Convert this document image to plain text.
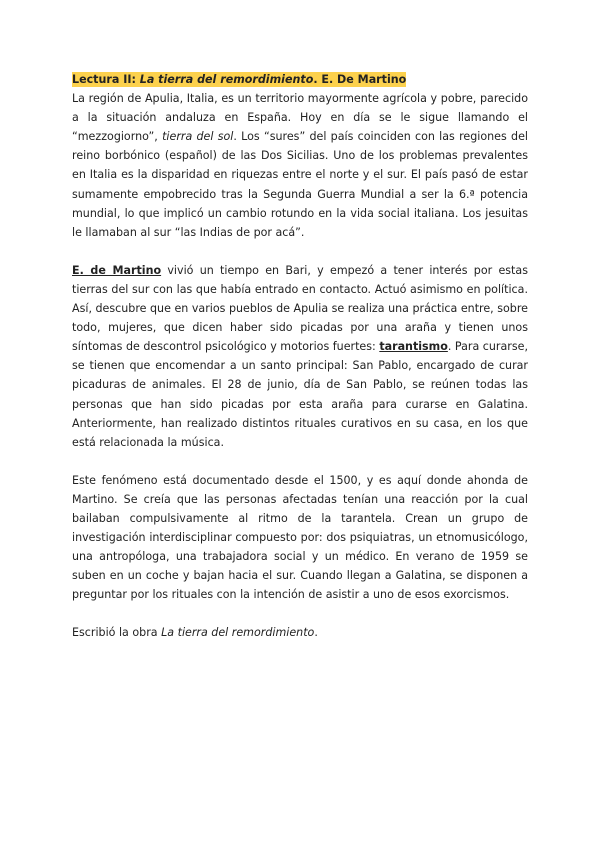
Lectura II: La tierra del remordimiento. E. De Martino

La región de Apulia, Italia, es un territorio mayormente agrícola y pobre, parecido a la situación andaluza en España. Hoy en día se le sigue llamando el “mezzogiorno”, tierra del sol. Los “sures” del país coinciden con las regiones del reino borbónico (español) de las Dos Sicilias. Uno de los problemas prevalentes en Italia es la disparidad en riquezas entre el norte y el sur. El país pasó de estar sumamente empobrecido tras la Segunda Guerra Mundial a ser la 6.ª potencia mundial, lo que implicó un cambio rotundo en la vida social italiana. Los jesuitas le llamaban al sur “las Indias de por acá”.

E. de Martino vivió un tiempo en Bari, y empezó a tener interés por estas tierras del sur con las que había entrado en contacto. Actuó asimismo en política. Así, descubre que en varios pueblos de Apulia se realiza una práctica entre, sobre todo, mujeres, que dicen haber sido picadas por una araña y tienen unos síntomas de descontrol psicológico y motorios fuertes: tarantismo. Para curarse, se tienen que encomendar a un santo principal: San Pablo, encargado de curar picaduras de animales. El 28 de junio, día de San Pablo, se reúnen todas las personas que han sido picadas por esta araña para curarse en Galatina. Anteriormente, han realizado distintos rituales curativos en su casa, en los que está relacionada la música.

Este fenómeno está documentado desde el 1500, y es aquí donde ahonda de Martino. Se creía que las personas afectadas tenían una reacción por la cual bailaban compulsivamente al ritmo de la tarantela. Crean un grupo de investigación interdisciplinar compuesto por: dos psiquiatras, un etnomusicólogo, una antropóloga, una trabajadora social y un médico. En verano de 1959 se suben en un coche y bajan hacia el sur. Cuando llegan a Galatina, se disponen a preguntar por los rituales con la intención de asistir a uno de esos exorcismos.

Escribió la obra La tierra del remordimiento.
